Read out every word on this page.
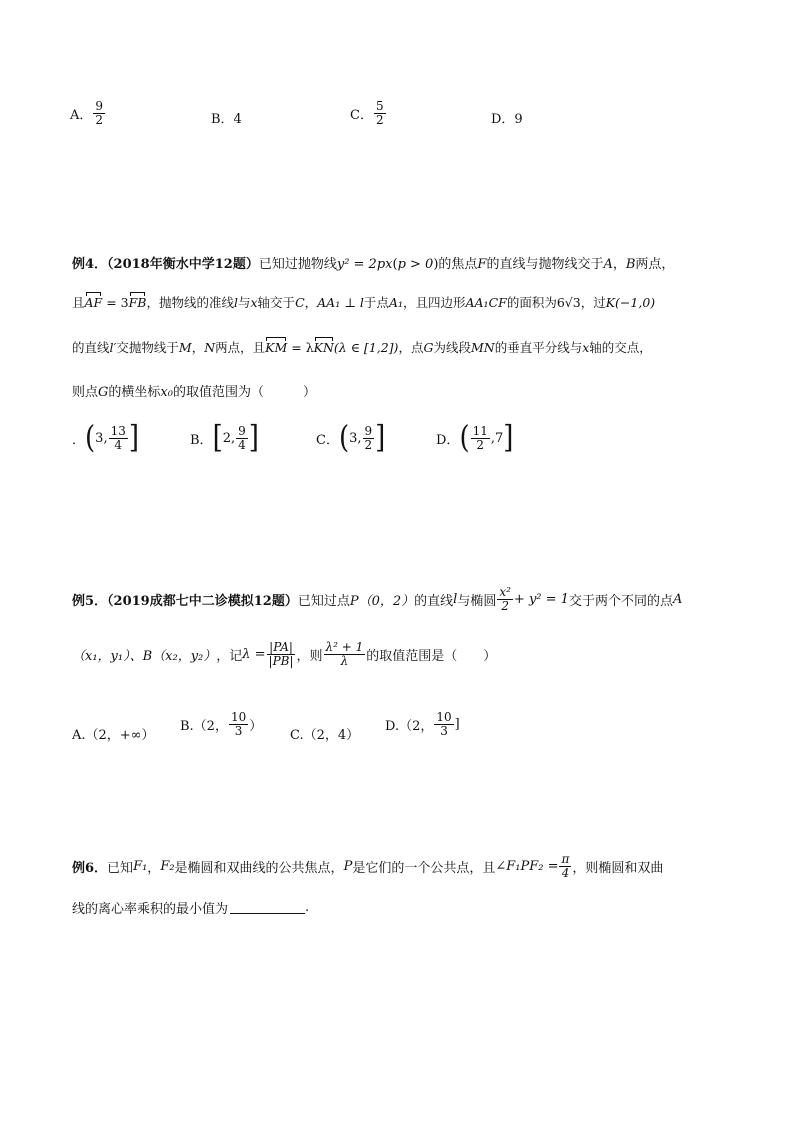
A． $\frac{9}{2}$	B．4	C． $\frac{5}{2}$	D．9
例4．（2018年衡水中学12题）已知过抛物线y² = 2px(p > 0)的焦点F的直线与抛物线交于A，B两点，
且AF = 3FB，抛物线的准线l与x轴交于C，AA₁ ⊥ l于点A₁，且四边形AA₁CF的面积为6√3，过K(−1,0)
的直线l′交抛物线于M，N两点，且KM = λKN(λ ∈ [1,2])，点G为线段MN的垂直平分线与x轴的交点，
则点G的横坐标x₀的取值范围为（　　　）
． ( 3, $\frac{13}{4}$ ]	B． [ 2, $\frac{9}{4}$ ]	C． ( 3, $\frac{9}{2}$ ]	D． ( $\frac{11}{2} ,7$ ]
例5．（2019成都七中二诊模拟12题） 已知过点 P（0，2） 的直线 l 与椭圆 $\frac{\text{x²}}{2} + y^2 = 1$ 交于两个不同的点 A
（x₁，y₁）、 B（x₂，y₂） ，记 $\lambda = \frac{|PA|}{|PB|}$ ，则 $\frac{\text{λ² + 1}}{\lambda}$ 的取值范围是（　　）
A.（2，+∞）
B.（2， $\frac{10}{3}$ ）
C.（2，4）
D.（2， $\frac{10}{3}$ ]
例6． 已知 F₁ ， F₂ 是椭圆和双曲线的公共焦点， P 是它们的一个公共点，且 ∠F₁PF₂ = $\frac{\pi}{4}$ ，则椭圆和双曲
线的离心率乘积的最小值为	.
